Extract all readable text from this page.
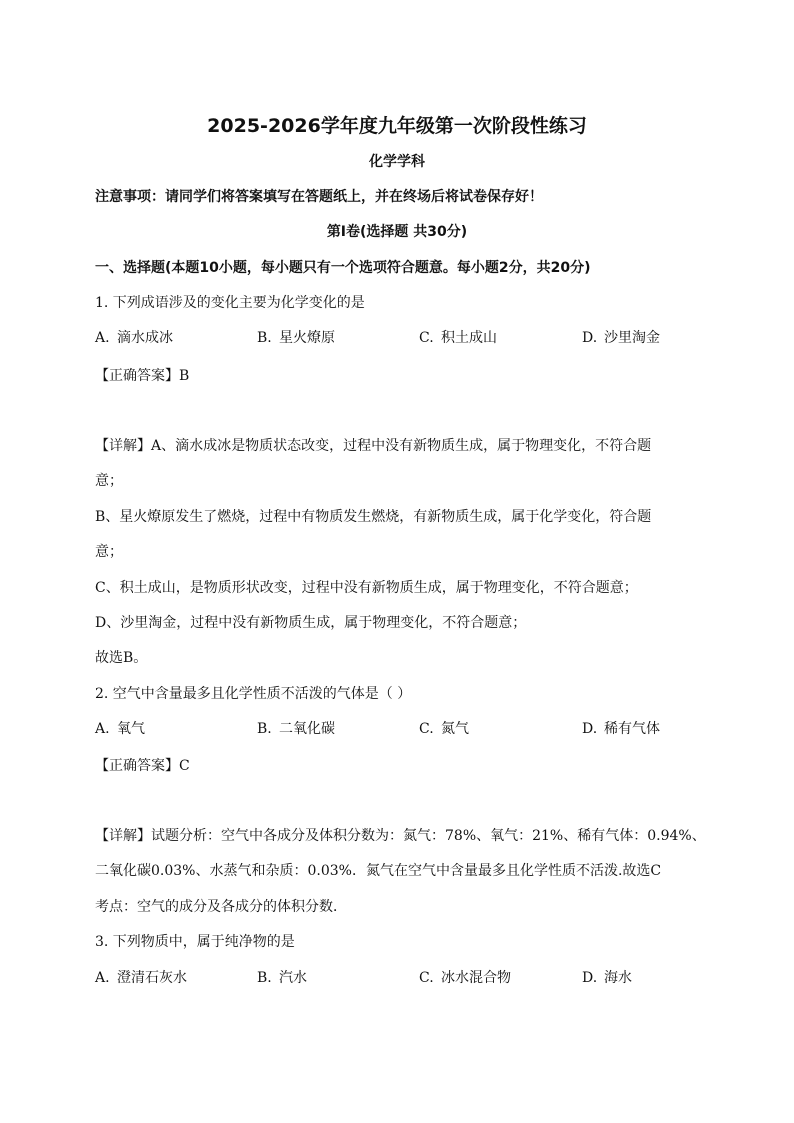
2025-2026学年度九年级第一次阶段性练习
化学学科
注意事项：请同学们将答案填写在答题纸上，并在终场后将试卷保存好！
第Ⅰ卷(选择题 共30分)
一、选择题(本题10小题，每小题只有一个选项符合题意。每小题2分，共20分)
1. 下列成语涉及的变化主要为化学变化的是
A. 滴水成冰	B. 星火燎原	C. 积土成山	D. 沙里淘金
【正确答案】B
【详解】A、滴水成冰是物质状态改变，过程中没有新物质生成，属于物理变化，不符合题
意；
B、星火燎原发生了燃烧，过程中有物质发生燃烧，有新物质生成，属于化学变化，符合题
意；
C、积土成山，是物质形状改变，过程中没有新物质生成，属于物理变化，不符合题意；
D、沙里淘金，过程中没有新物质生成，属于物理变化，不符合题意；
故选B。
2. 空气中含量最多且化学性质不活泼的气体是（ ）
A. 氧气	B. 二氧化碳	C. 氮气	D. 稀有气体
【正确答案】C
【详解】试题分析：空气中各成分及体积分数为：氮气：78%、氧气：21%、稀有气体：0.94%、
二氧化碳0.03%、水蒸气和杂质：0.03%．氮气在空气中含量最多且化学性质不活泼.故选C
考点：空气的成分及各成分的体积分数．
3. 下列物质中，属于纯净物的是
A. 澄清石灰水	B. 汽水	C. 冰水混合物	D. 海水
